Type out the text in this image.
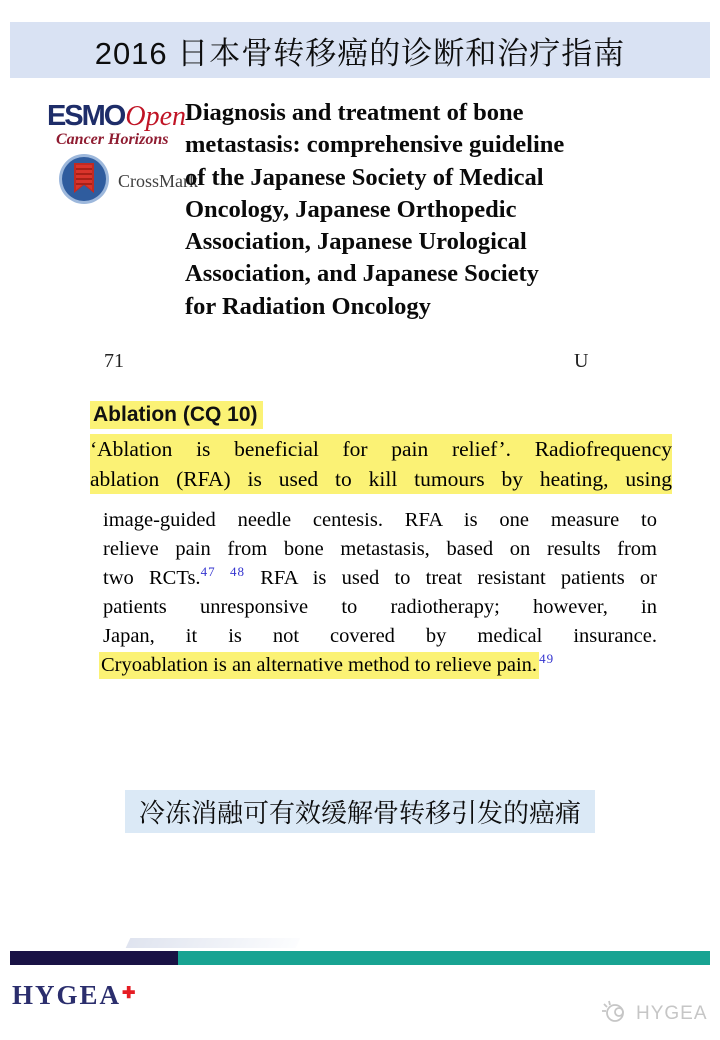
2016 日本骨转移癌的诊断和治疗指南
ESMO Open
Cancer Horizons
CrossMark
Diagnosis and treatment of bone
metastasis: comprehensive guideline
of the Japanese Society of Medical
Oncology, Japanese Orthopedic
Association, Japanese Urological
Association, and Japanese Society
for Radiation Oncology
71	U
Ablation (CQ 10)
‘Ablation is beneficial for pain relief’. Radiofrequency
ablation (RFA) is used to kill tumours by heating, using
image-guided needle centesis. RFA is one measure to
relieve pain from bone metastasis, based on results from
two RCTs.$^{47 48}$ RFA is used to treat resistant patients or
patients unresponsive to radiotherapy; however, in
Japan, it is not covered by medical insurance.
Cryoablation is an alternative method to relieve pain. $^{49}$
冷冻消融可有效缓解骨转移引发的癌痛
HYGEA✚
HYGEA
